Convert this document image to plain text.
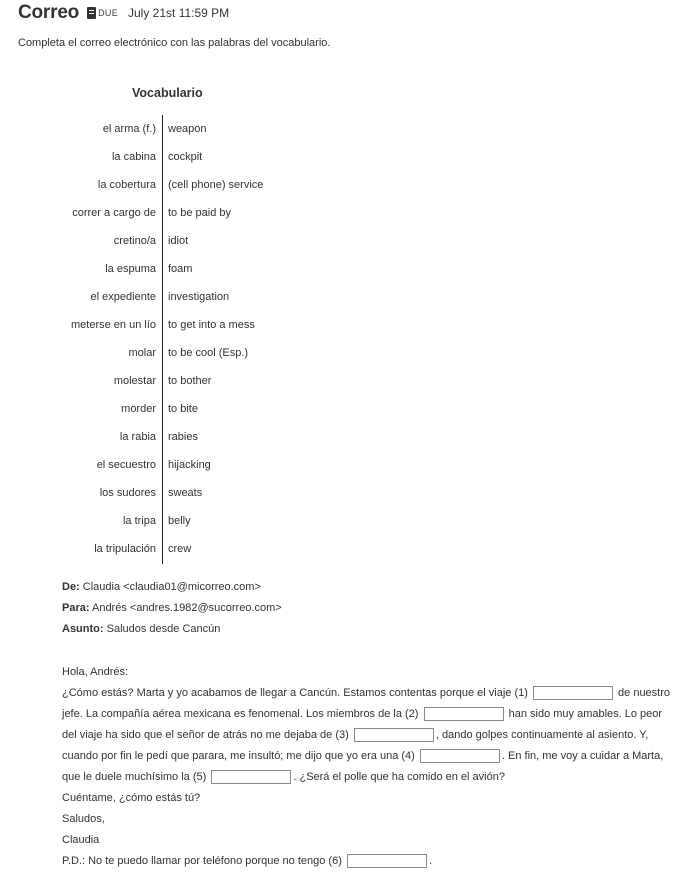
Correo DUE July 21st 11:59 PM
Completa el correo electrónico con las palabras del vocabulario.
Vocabulario
el arma (f.)	weapon
la cabina	cockpit
la cobertura	(cell phone) service
correr a cargo de	to be paid by
cretino/a	idiot
la espuma	foam
el expediente	investigation
meterse en un lío	to get into a mess
molar	to be cool (Esp.)
molestar	to bother
morder	to bite
la rabia	rabies
el secuestro	hijacking
los sudores	sweats
la tripa	belly
la tripulación	crew
De: Claudia <claudia01@micorreo.com>
Para: Andrés <andres.1982@sucorreo.com>
Asunto: Saludos desde Cancún
Hola, Andrés:
¿Cómo estás? Marta y yo acabamos de llegar a Cancún. Estamos contentas porque el viaje (1)	de nuestro
jefe. La compañía aérea mexicana es fenomenal. Los miembros de la (2)	han sido muy amables. Lo peor
del viaje ha sido que el señor de atrás no me dejaba de (3)	, dando golpes continuamente al asiento. Y,
cuando por fin le pedí que parara, me insultó; me dijo que yo era una (4)	. En fin, me voy a cuidar a Marta,
que le duele muchísimo la (5)	. ¿Será el polle que ha comido en el avión?
Cuéntame, ¿cómo estás tú?
Saludos,
Claudia
P.D.: No te puedo llamar por teléfono porque no tengo (6)	.
